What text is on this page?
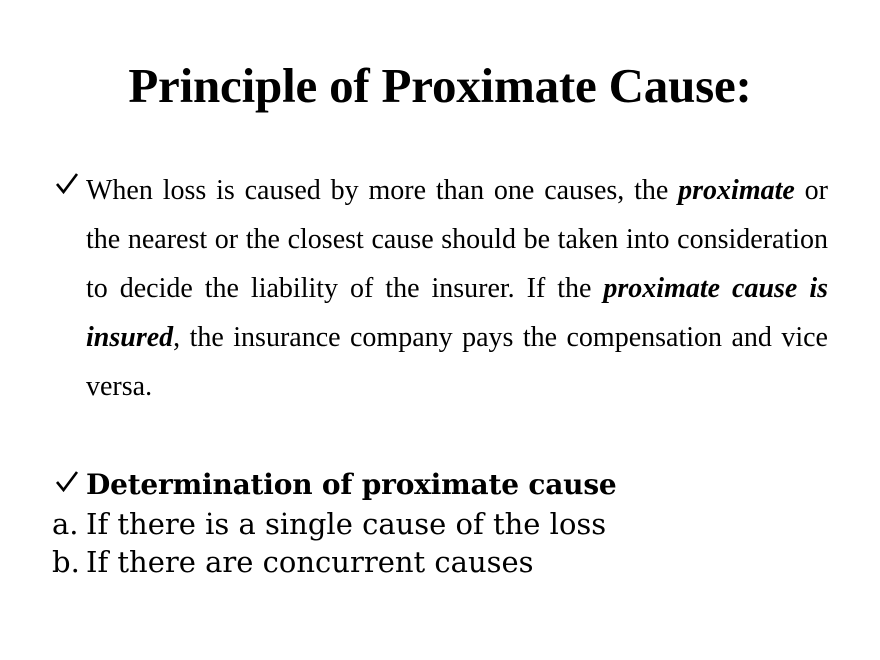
Principle of Proximate Cause:

When loss is caused by more than one causes, the proximate or the nearest or the closest cause should be taken into consideration to decide the liability of the insurer. If the proximate cause is insured, the insurance company pays the compensation and vice versa.

Determination of proximate cause

a. If there is a single cause of the loss

b. If there are concurrent causes
